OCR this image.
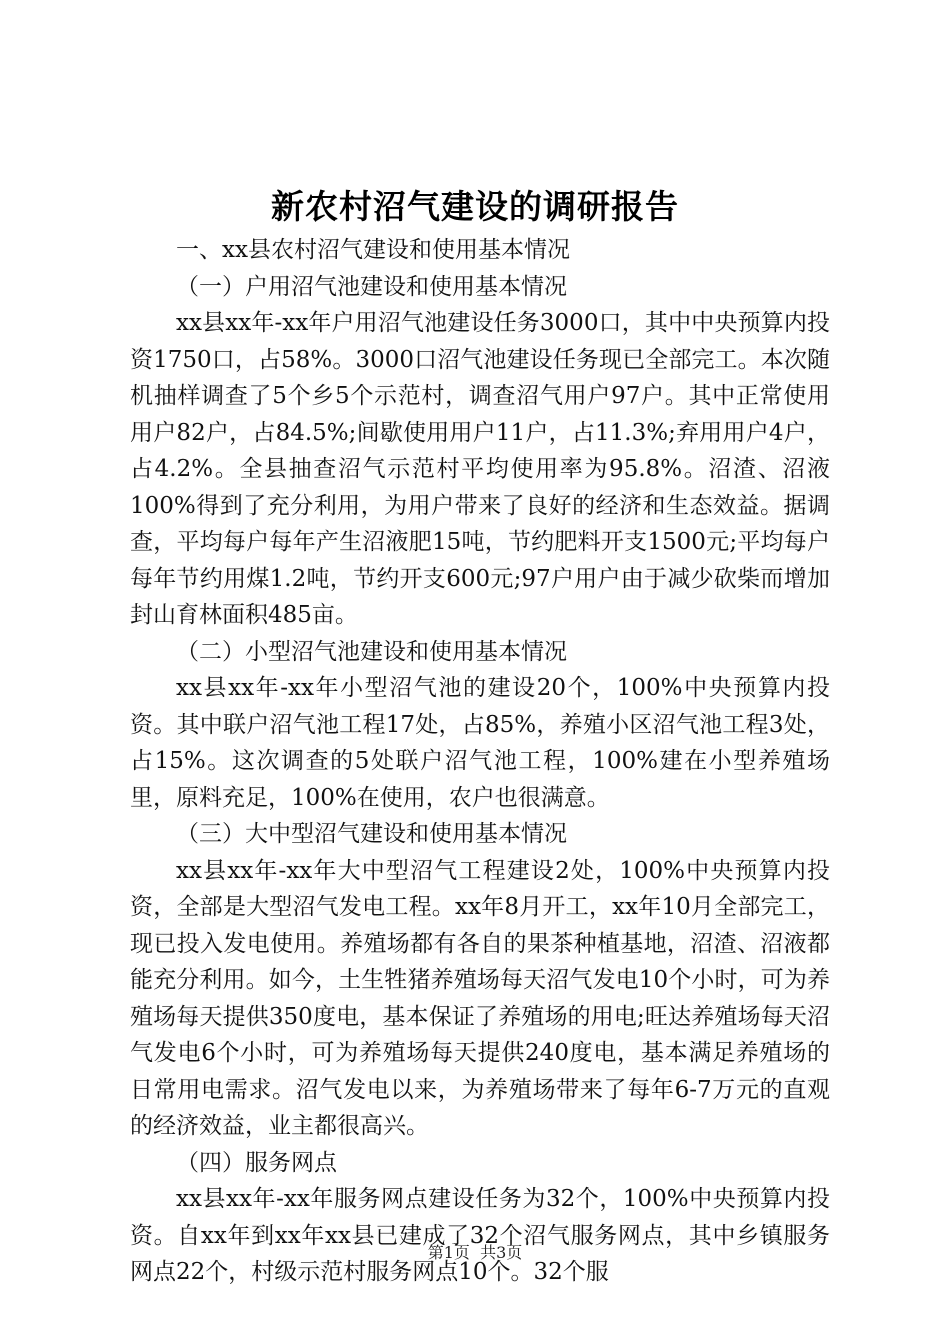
新农村沼气建设的调研报告

一、xx县农村沼气建设和使用基本情况

（一）户用沼气池建设和使用基本情况

xx县xx年-xx年户用沼气池建设任务3000口，其中中央预算内投资1750口，占58%。3000口沼气池建设任务现已全部完工。本次随机抽样调查了5个乡5个示范村，调查沼气用户97户。其中正常使用用户82户，占84.5%;间歇使用用户11户，占11.3%;弃用用户4户，占4.2%。全县抽查沼气示范村平均使用率为95.8%。沼渣、沼液100%得到了充分利用，为用户带来了良好的经济和生态效益。据调查，平均每户每年产生沼液肥15吨，节约肥料开支1500元;平均每户每年节约用煤1.2吨，节约开支600元;97户用户由于减少砍柴而增加封山育林面积485亩。

（二）小型沼气池建设和使用基本情况

xx县xx年-xx年小型沼气池的建设20个，100%中央预算内投资。其中联户沼气池工程17处，占85%，养殖小区沼气池工程3处，占15%。这次调查的5处联户沼气池工程，100%建在小型养殖场里，原料充足，100%在使用，农户也很满意。

（三）大中型沼气建设和使用基本情况

xx县xx年-xx年大中型沼气工程建设2处，100%中央预算内投资，全部是大型沼气发电工程。xx年8月开工，xx年10月全部完工，现已投入发电使用。养殖场都有各自的果茶种植基地，沼渣、沼液都能充分利用。如今，土生牲猪养殖场每天沼气发电10个小时，可为养殖场每天提供350度电，基本保证了养殖场的用电;旺达养殖场每天沼气发电6个小时，可为养殖场每天提供240度电，基本满足养殖场的日常用电需求。沼气发电以来，为养殖场带来了每年6-7万元的直观的经济效益，业主都很高兴。

（四）服务网点

xx县xx年-xx年服务网点建设任务为32个，100%中央预算内投资。自xx年到xx年xx县已建成了32个沼气服务网点，其中乡镇服务网点22个，村级示范村服务网点10个。32个服

第1页  共3页
